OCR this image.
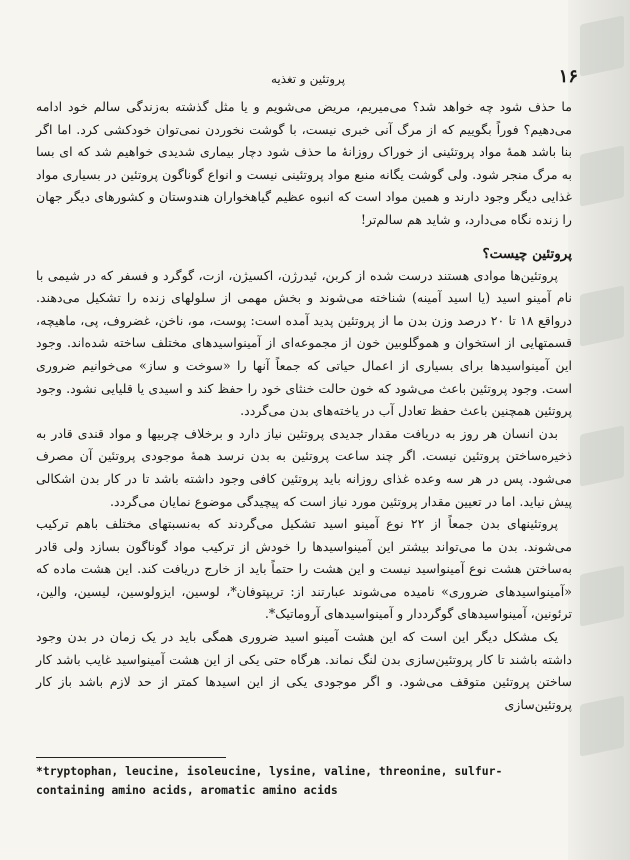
۱۶
پروتئین و تغذیه

ما حذف شود چه خواهد شد؟ می‌میریم، مریض می‌شویم و یا مثل گذشته به‌زندگی سالم خود ادامه می‌دهیم؟ فوراً بگوییم که از مرگ آنی خبری نیست، با گوشت نخوردن نمی‌توان خودکشی کرد. اما اگر بنا باشد همهٔ مواد پروتئینی از خوراک روزانهٔ ما حذف شود دچار بیماری شدیدی خواهیم شد که ای بسا به مرگ منجر شود. ولی گوشت یگانه منبع مواد پروتئینی نیست و انواع گوناگون پروتئین در بسیاری مواد غذایی دیگر وجود دارند و همین مواد است که انبوه عظیم گیاهخواران هندوستان و کشورهای دیگر جهان را زنده نگاه می‌دارد، و شاید هم سالم‌تر!

پروتئین چیست؟

پروتئین‌ها موادی هستند درست شده از کربن، ئیدرژن، اکسیژن، ازت، گوگرد و فسفر که در شیمی با نام آمینو اسید (یا اسید آمینه) شناخته می‌شوند و بخش مهمی از سلولهای زنده را تشکیل می‌دهند. درواقع ۱۸ تا ۲۰ درصد وزن بدن ما از پروتئین پدید آمده است: پوست، مو، ناخن، غضروف، پی، ماهیچه، قسمتهایی از استخوان و هموگلوبین خون از مجموعه‌ای از آمینواسیدهای مختلف ساخته شده‌اند. وجود این آمینواسیدها برای بسیاری از اعمال حیاتی که جمعاً آنها را «سوخت و ساز» می‌خوانیم ضروری است. وجود پروتئین باعث می‌شود که خون حالت خنثای خود را حفظ کند و اسیدی یا قلیایی نشود. وجود پروتئین همچنین باعث حفظ تعادل آب در یاخته‌های بدن می‌گردد.

بدن انسان هر روز به دریافت مقدار جدیدی پروتئین نیاز دارد و برخلاف چربیها و مواد قندی قادر به ذخیره‌ساختن پروتئین نیست. اگر چند ساعت پروتئین به بدن نرسد همهٔ موجودی پروتئین آن مصرف می‌شود. پس در هر سه وعده غذای روزانه باید پروتئین کافی وجود داشته باشد تا در کار بدن اشکالی پیش نیاید. اما در تعیین مقدار پروتئین مورد نیاز است که پیچیدگی موضوع نمایان می‌گردد.

پروتئینهای بدن جمعاً از ۲۲ نوع آمینو اسید تشکیل می‌گردند که به‌نسبتهای مختلف باهم ترکیب می‌شوند. بدن ما می‌تواند بیشتر این آمینواسیدها را خودش از ترکیب مواد گوناگون بسازد ولی قادر به‌ساختن هشت نوع آمینواسید نیست و این هشت را حتماً باید از خارج دریافت کند. این هشت ماده که «آمینواسیدهای ضروری» نامیده می‌شوند عبارتند از: تریپتوفان*، لوسین، ایزولوسین، لیسین، والین، ترئونین، آمینواسیدهای گوگرددار و آمینواسیدهای آروماتیک*.

یک مشکل دیگر این است که این هشت آمینو اسید ضروری همگی باید در یک زمان در بدن وجود داشته باشند تا کار پروتئین‌سازی بدن لنگ نماند. هرگاه حتی یکی از این هشت آمینواسید غایب باشد کار ساختن پروتئین متوقف می‌شود. و اگر موجودی یکی از این اسیدها کمتر از حد لازم باشد باز کار پروتئین‌سازی

*tryptophan, leucine, isoleucine, lysine, valine, threonine, sulfur-containing amino acids, aromatic amino acids
